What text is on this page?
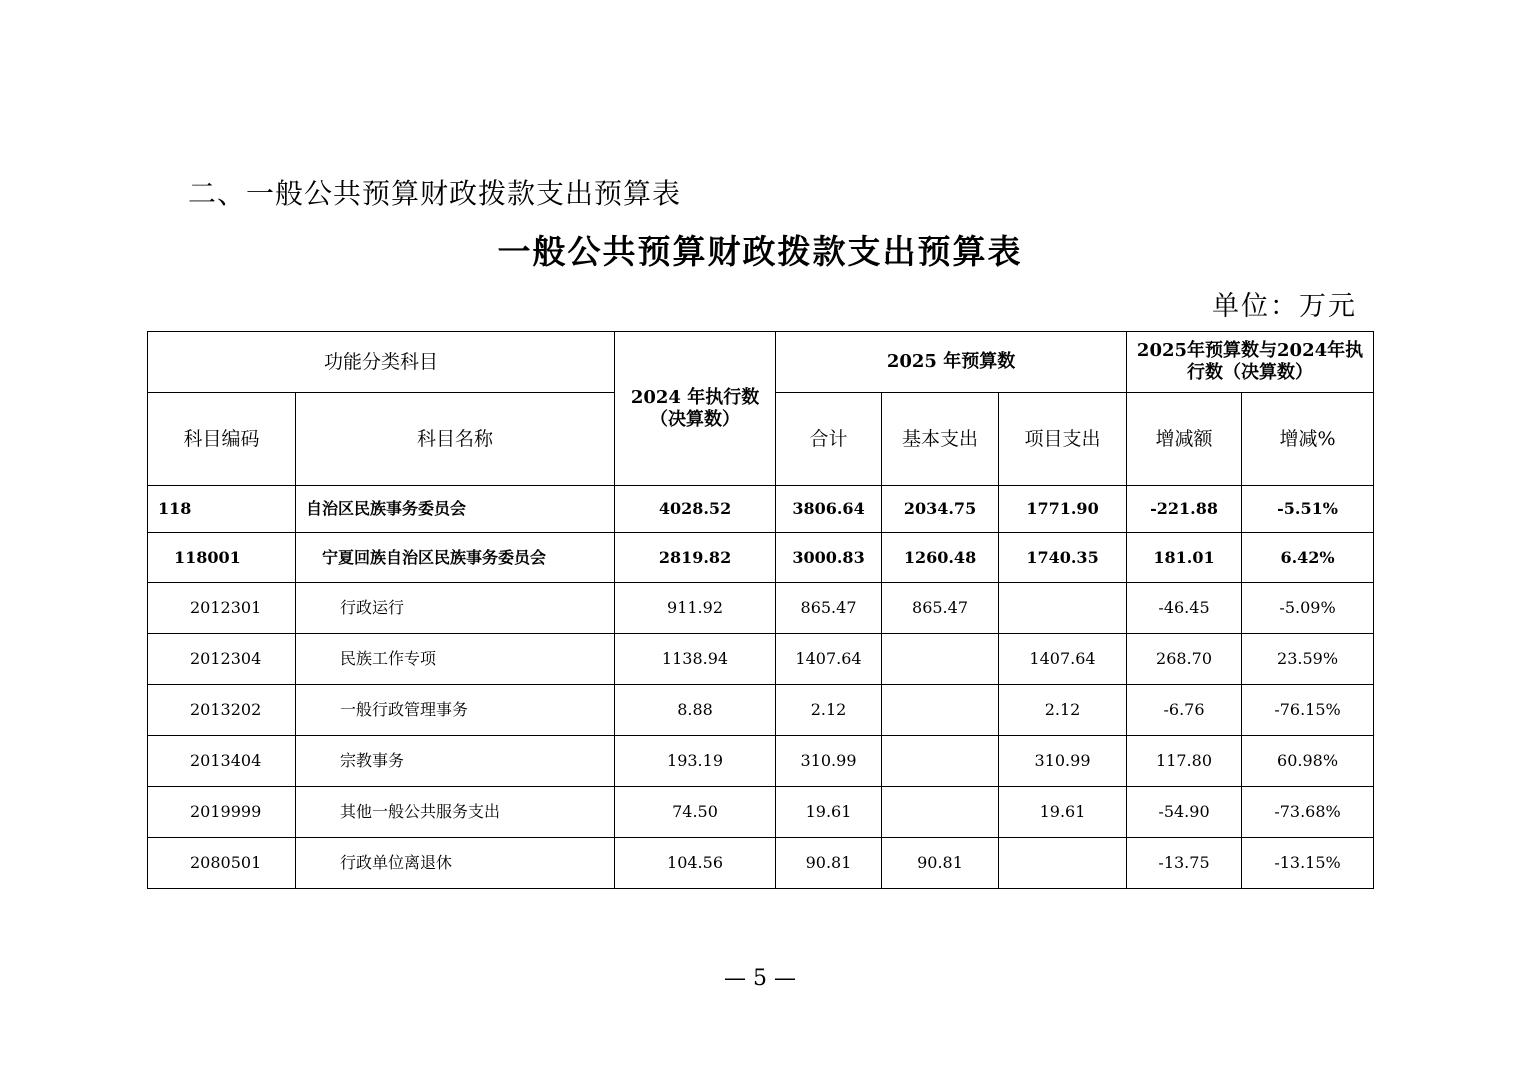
二、一般公共预算财政拨款支出预算表
一般公共预算财政拨款支出预算表
单位：万元
功能分类科目		2024 年执行数（决算数）	2025 年预算数			2025年预算数与2024年执行数（决算数）	
科目编码	科目名称		合计	基本支出	项目支出	增减额	增减%
118	自治区民族事务委员会	4028.52	3806.64	2034.75	1771.90	-221.88	-5.51%
118001	宁夏回族自治区民族事务委员会	2819.82	3000.83	1260.48	1740.35	181.01	6.42%
2012301	行政运行	911.92	865.47	865.47		-46.45	-5.09%
2012304	民族工作专项	1138.94	1407.64		1407.64	268.70	23.59%
2013202	一般行政管理事务	8.88	2.12		2.12	-6.76	-76.15%
2013404	宗教事务	193.19	310.99		310.99	117.80	60.98%
2019999	其他一般公共服务支出	74.50	19.61		19.61	-54.90	-73.68%
2080501	行政单位离退休	104.56	90.81	90.81		-13.75	-13.15%
— 5 —
